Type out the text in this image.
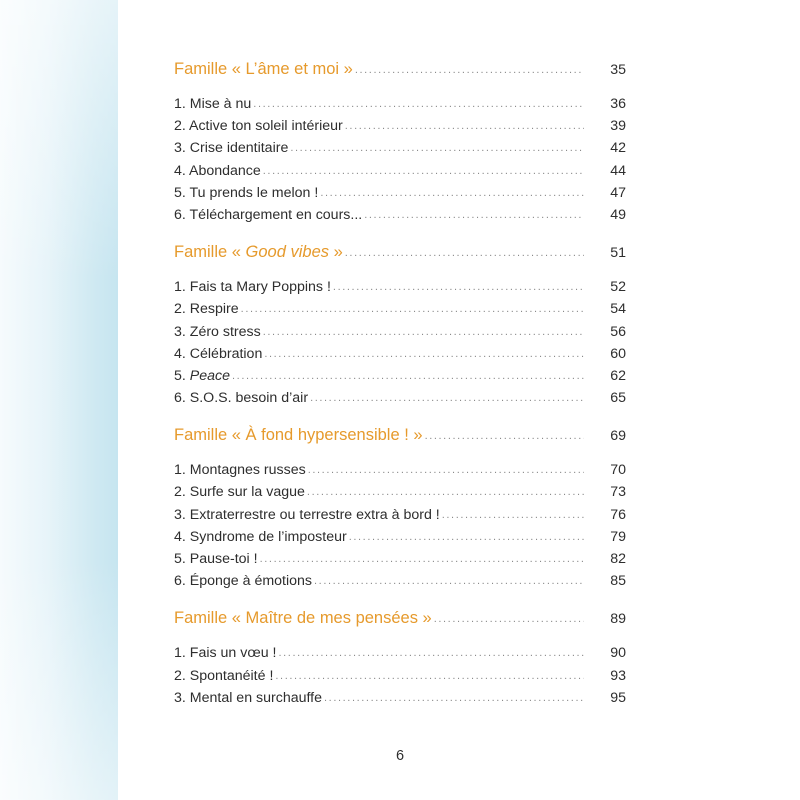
Famille « L’âme et moi » .....	35
1. Mise à nu .....	36
2. Active ton soleil intérieur .....	39
3. Crise identitaire .....	42
4. Abondance .....	44
5. Tu prends le melon ! .....	47
6. Téléchargement en cours... .....	49
Famille « Good vibes » .....	51
1. Fais ta Mary Poppins ! .....	52
2. Respire .....	54
3. Zéro stress .....	56
4. Célébration .....	60
5. Peace .....	62
6. S.O.S. besoin d’air .....	65
Famille « À fond hypersensible ! » .....	69
1. Montagnes russes .....	70
2. Surfe sur la vague .....	73
3. Extraterrestre ou terrestre extra à bord ! .....	76
4. Syndrome de l’imposteur .....	79
5. Pause-toi ! .....	82
6. Éponge à émotions .....	85
Famille « Maître de mes pensées » .....	89
1. Fais un vœu ! .....	90
2. Spontanéité ! .....	93
3. Mental en surchauffe .....	95
6
